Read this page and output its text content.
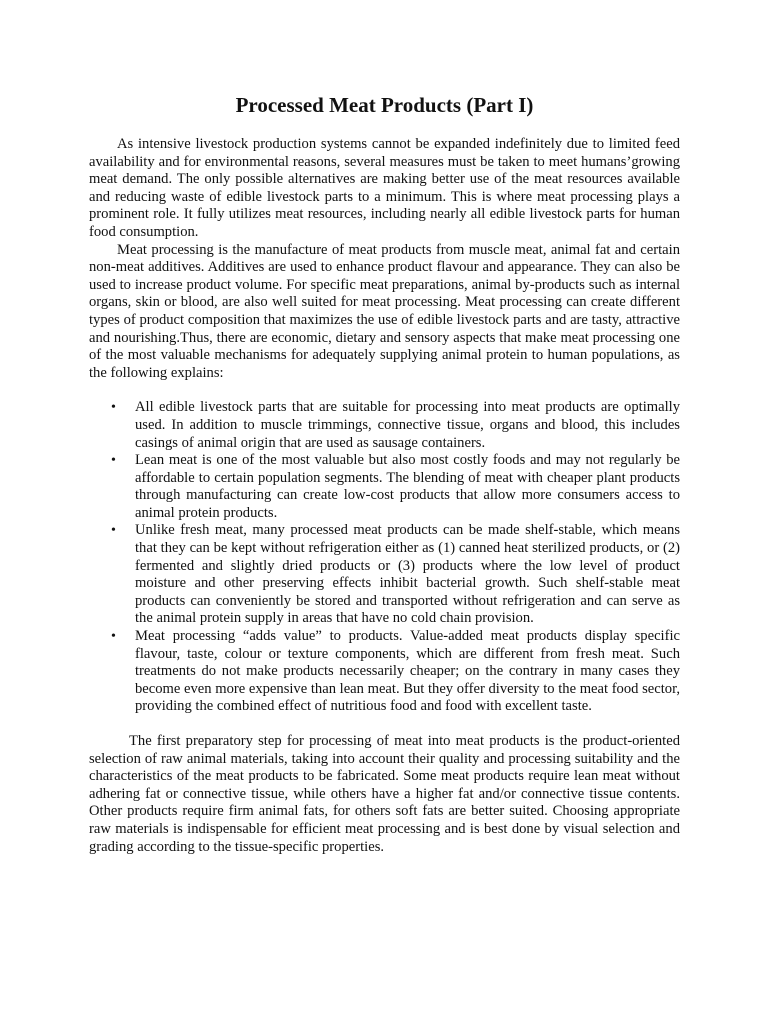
Processed Meat Products (Part I)

As intensive livestock production systems cannot be expanded indefinitely due to limited feed availability and for environmental reasons, several measures must be taken to meet humans’growing meat demand. The only possible alternatives are making better use of the meat resources available and reducing waste of edible livestock parts to a minimum. This is where meat processing plays a prominent role. It fully utilizes meat resources, including nearly all edible livestock parts for human food consumption.

Meat processing is the manufacture of meat products from muscle meat, animal fat and certain non-meat additives. Additives are used to enhance product flavour and appearance. They can also be used to increase product volume. For specific meat preparations, animal by-products such as internal organs, skin or blood, are also well suited for meat processing. Meat processing can create different types of product composition that maximizes the use of edible livestock parts and are tasty, attractive and nourishing.Thus, there are economic, dietary and sensory aspects that make meat processing one of the most valuable mechanisms for adequately supplying animal protein to human populations, as the following explains:

• All edible livestock parts that are suitable for processing into meat products are optimally used. In addition to muscle trimmings, connective tissue, organs and blood, this includes casings of animal origin that are used as sausage containers.
• Lean meat is one of the most valuable but also most costly foods and may not regularly be affordable to certain population segments. The blending of meat with cheaper plant products through manufacturing can create low-cost products that allow more consumers access to animal protein products.
• Unlike fresh meat, many processed meat products can be made shelf-stable, which means that they can be kept without refrigeration either as (1) canned heat sterilized products, or (2) fermented and slightly dried products or (3) products where the low level of product moisture and other preserving effects inhibit bacterial growth. Such shelf-stable meat products can conveniently be stored and transported without refrigeration and can serve as the animal protein supply in areas that have no cold chain provision.
• Meat processing “adds value” to products. Value-added meat products display specific flavour, taste, colour or texture components, which are different from fresh meat. Such treatments do not make products necessarily cheaper; on the contrary in many cases they become even more expensive than lean meat. But they offer diversity to the meat food sector, providing the combined effect of nutritious food and food with excellent taste.

The first preparatory step for processing of meat into meat products is the product-oriented selection of raw animal materials, taking into account their quality and processing suitability and the characteristics of the meat products to be fabricated. Some meat products require lean meat without adhering fat or connective tissue, while others have a higher fat and/or connective tissue contents. Other products require firm animal fats, for others soft fats are better suited. Choosing appropriate raw materials is indispensable for efficient meat processing and is best done by visual selection and grading according to the tissue-specific properties.
